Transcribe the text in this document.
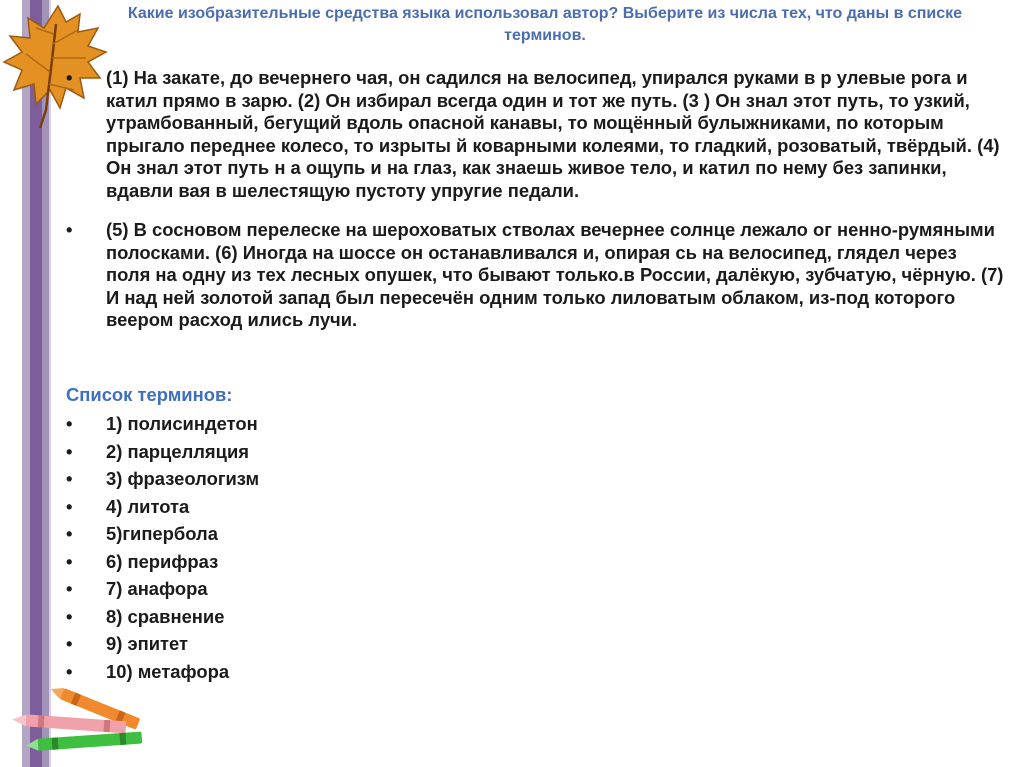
Какие изобразительные средства языка использовал автор? Выберите из числа тех, что даны в списке терминов.
•	(1) На закате, до вечернего чая, он садился на велосипед, упирался руками в р улевые рога и катил прямо в зарю. (2) Он избирал всегда один и тот же путь. (3 ) Он знал этот путь, то узкий, утрамбованный, бегущий вдоль опасной канавы, то мощённый булыжниками, по которым прыгало переднее колесо, то изрыты й коварными колеями, то гладкий, розоватый, твёрдый. (4) Он знал этот путь н а ощупь и на глаз, как знаешь живое тело, и катил по нему без запинки, вдавли вая в шелестящую пустоту упругие педали.
•	(5) В сосновом перелеске на шероховатых стволах вечернее солнце лежало ог ненно-румяными полосками. (6) Иногда на шоссе он останавливался и, опирая сь на велосипед, глядел через поля на одну из тех лесных опушек, что бывают только.в России, далёкую, зубчатую, чёрную. (7) И над ней золотой запад был пересечён одним только лиловатым облаком, из-под которого веером расход ились лучи.
Список терминов:
• 1) полисиндетон
• 2) парцелляция
• 3) фразеологизм
• 4) литота
• 5)гипербола
• 6) перифраз
• 7) анафора
• 8) сравнение
• 9) эпитет
• 10) метафора
